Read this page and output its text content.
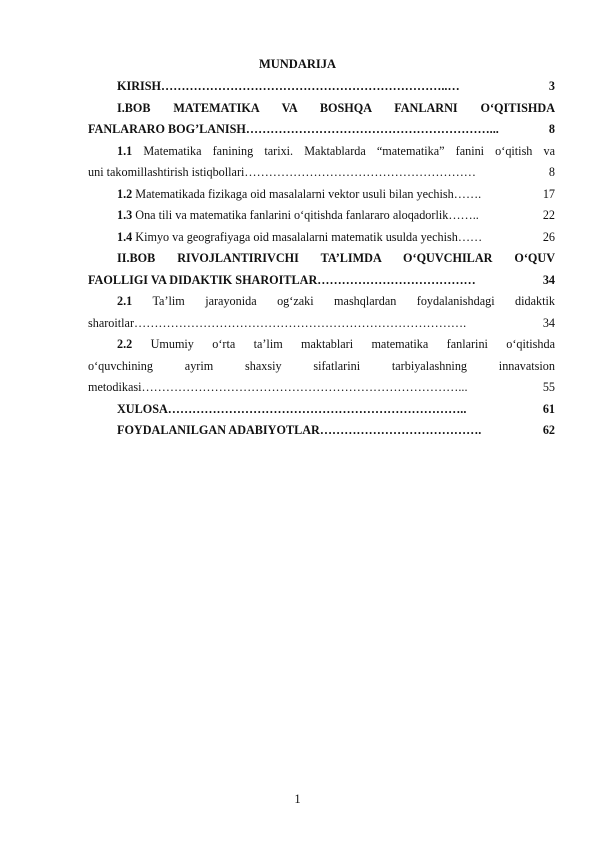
MUNDARIJA
KIRISH ……………………………………………………………..…	3
I.BOB MATEMATIKA VA BOSHQA FANLARNI O‘QITISHDA
FANLARARO BOG’LANISH ……………………………………………………...	8
1.1 Matematika fanining tarixi. Maktablarda “matematika” fanini o‘qitish va
uni takomillashtirish istiqbollari …………………………………………………	8
1.2 Matematikada fizikaga oid masalalarni vektor usuli bilan yechish …….	17
1.3 Ona tili va matematika fanlarini o‘qitishda fanlararo aloqadorlik ……..	22
1.4 Kimyo va geografiyaga oid masalalarni matematik usulda yechish ……	26
II.BOB RIVOJLANTIRIVCHI TA’LIMDA O‘QUVCHILAR O‘QUV
FAOLLIGI VA DIDAKTIK SHAROITLAR …………………………………	34
2.1 Ta’lim jarayonida og‘zaki mashqlardan foydalanishdagi didaktik
sharoitlar ……………………………………………………………………….	34
2.2 Umumiy o‘rta ta’lim maktablari matematika fanlarini o‘qitishda
o‘quvchining ayrim shaxsiy sifatlarini tarbiyalashning innavatsion
metodikasi ……………………………………………………………………...	55
XULOSA ………………………………………………………………..	61
FOYDALANILGAN ADABIYOTLAR ………………………………….	62
1
